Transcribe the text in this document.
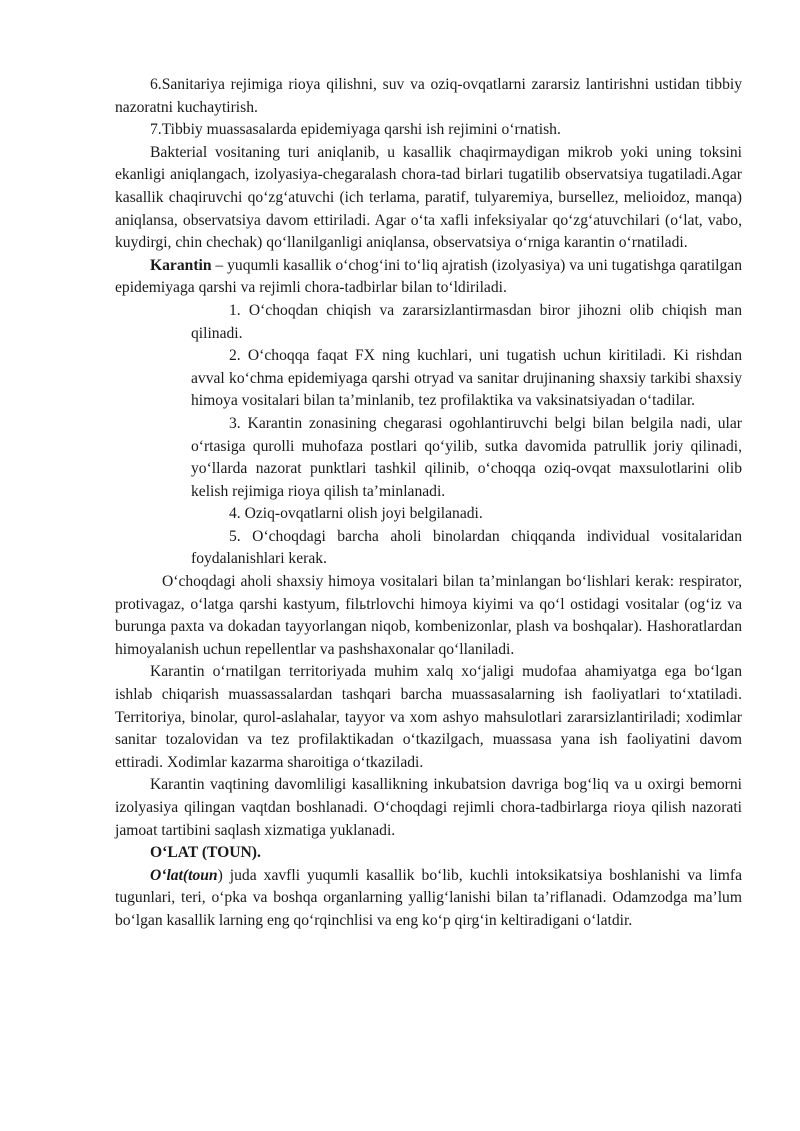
6.Sanitariya rejimiga rioya qilishni, suv va oziq-ovqatlarni zararsiz lantirishni ustidan tibbiy nazoratni kuchaytirish.

7.Tibbiy muassasalarda epidemiyaga qarshi ish rejimini o‘rnatish.

Bakterial vositaning turi aniqlanib, u kasallik chaqirmaydigan mikrob yoki uning toksini ekanligi aniqlangach, izolyasiya-chegaralash chora-tad birlari tugatilib observatsiya tugatiladi.Agar kasallik chaqiruvchi qo‘zg‘atuvchi (ich terlama, paratif, tulyaremiya, bursellez, melioidoz, manqa) aniqlansa, observatsiya davom ettiriladi. Agar o‘ta xafli infeksiyalar qo‘zg‘atuvchilari (o‘lat, vabo, kuydirgi, chin chechak) qo‘llanilganligi aniqlansa, observatsiya o‘rniga karantin o‘rnatiladi.

Karantin – yuqumli kasallik o‘chog‘ini to‘liq ajratish (izolyasiya) va uni tugatishga qaratilgan epidemiyaga qarshi va rejimli chora-tadbirlar bilan to‘ldiriladi.

1. O‘choqdan chiqish va zararsizlantirmasdan biror jihozni olib chiqish man qilinadi.

2. O‘choqqa faqat FX ning kuchlari, uni tugatish uchun kiritiladi. Ki rishdan avval ko‘chma epidemiyaga qarshi otryad va sanitar drujinaning shaxsiy tarkibi shaxsiy himoya vositalari bilan ta’minlanib, tez profilaktika va vaksinatsiyadan o‘tadilar.

3. Karantin zonasining chegarasi ogohlantiruvchi belgi bilan belgila nadi, ular o‘rtasiga qurolli muhofaza postlari qo‘yilib, sutka davomida patrullik joriy qilinadi, yo‘llarda nazorat punktlari tashkil qilinib, o‘choqqa oziq-ovqat maxsulotlarini olib kelish rejimiga rioya qilish ta’minlanadi.

4. Oziq-ovqatlarni olish joyi belgilanadi.

5. O‘choqdagi barcha aholi binolardan chiqqanda individual vositalaridan foydalanishlari kerak.

O‘choqdagi aholi shaxsiy himoya vositalari bilan ta’minlangan bo‘lishlari kerak: respirator, protivagaz, o‘latga qarshi kastyum, filьtrlovchi himoya kiyimi va qo‘l ostidagi vositalar (og‘iz va burunga paxta va dokadan tayyorlangan niqob, kombenizonlar, plash va boshqalar). Hashoratlardan himoyalanish uchun repellentlar va pashshaxonalar qo‘llaniladi.

Karantin o‘rnatilgan territoriyada muhim xalq xo‘jaligi mudofaa ahamiyatga ega bo‘lgan ishlab chiqarish muassassalardan tashqari barcha muassasalarning ish faoliyatlari to‘xtatiladi. Territoriya, binolar, qurol-aslahalar, tayyor va xom ashyo mahsulotlari zararsizlantiriladi; xodimlar sanitar tozalovidan va tez profilaktikadan o‘tkazilgach, muassasa yana ish faoliyatini davom ettiradi. Xodimlar kazarma sharoitiga o‘tkaziladi.

Karantin vaqtining davomliligi kasallikning inkubatsion davriga bog‘liq va u oxirgi bemorni izolyasiya qilingan vaqtdan boshlanadi. O‘choqdagi rejimli chora-tadbirlarga rioya qilish nazorati jamoat tartibini saqlash xizmatiga yuklanadi.

O‘LAT (TOUN).

O‘lat(toun) juda xavfli yuqumli kasallik bo‘lib, kuchli intoksikatsiya boshlanishi va limfa tugunlari, teri, o‘pka va boshqa organlarning yallig‘lanishi bilan ta’riflanadi. Odamzodga ma’lum bo‘lgan kasallik larning eng qo‘rqinchlisi va eng ko‘p qirg‘in keltiradigani o‘latdir.
